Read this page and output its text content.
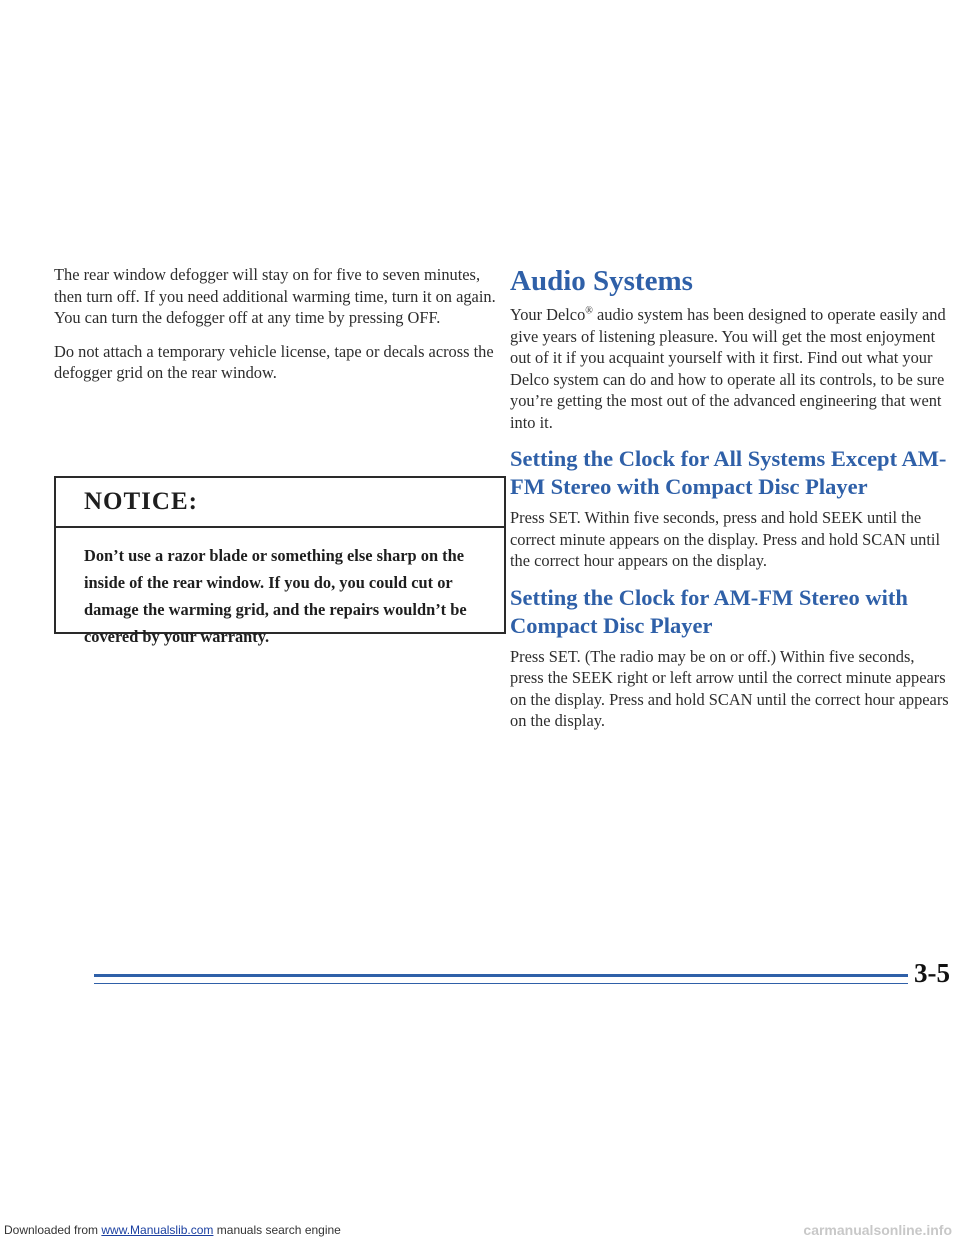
The rear window defogger will stay on for five to seven minutes, then turn off. If you need additional warming time, turn it on again. You can turn the defogger off at any time by pressing OFF.

Do not attach a temporary vehicle license, tape or decals across the defogger grid on the rear window.

NOTICE:
Don’t use a razor blade or something else sharp on the inside of the rear window. If you do, you could cut or damage the warming grid, and the repairs wouldn’t be covered by your warranty.
Audio Systems

Your Delco® audio system has been designed to operate easily and give years of listening pleasure. You will get the most enjoyment out of it if you acquaint yourself with it first. Find out what your Delco system can do and how to operate all its controls, to be sure you’re getting the most out of the advanced engineering that went into it.

Setting the Clock for All Systems Except AM-FM Stereo with Compact Disc Player

Press SET. Within five seconds, press and hold SEEK until the correct minute appears on the display. Press and hold SCAN until the correct hour appears on the display.

Setting the Clock for AM-FM Stereo with Compact Disc Player

Press SET. (The radio may be on or off.) Within five seconds, press the SEEK right or left arrow until the correct minute appears on the display. Press and hold SCAN until the correct hour appears on the display.

3-5
Downloaded from www.Manualslib.com manuals search engine	carmanualsonline.info
